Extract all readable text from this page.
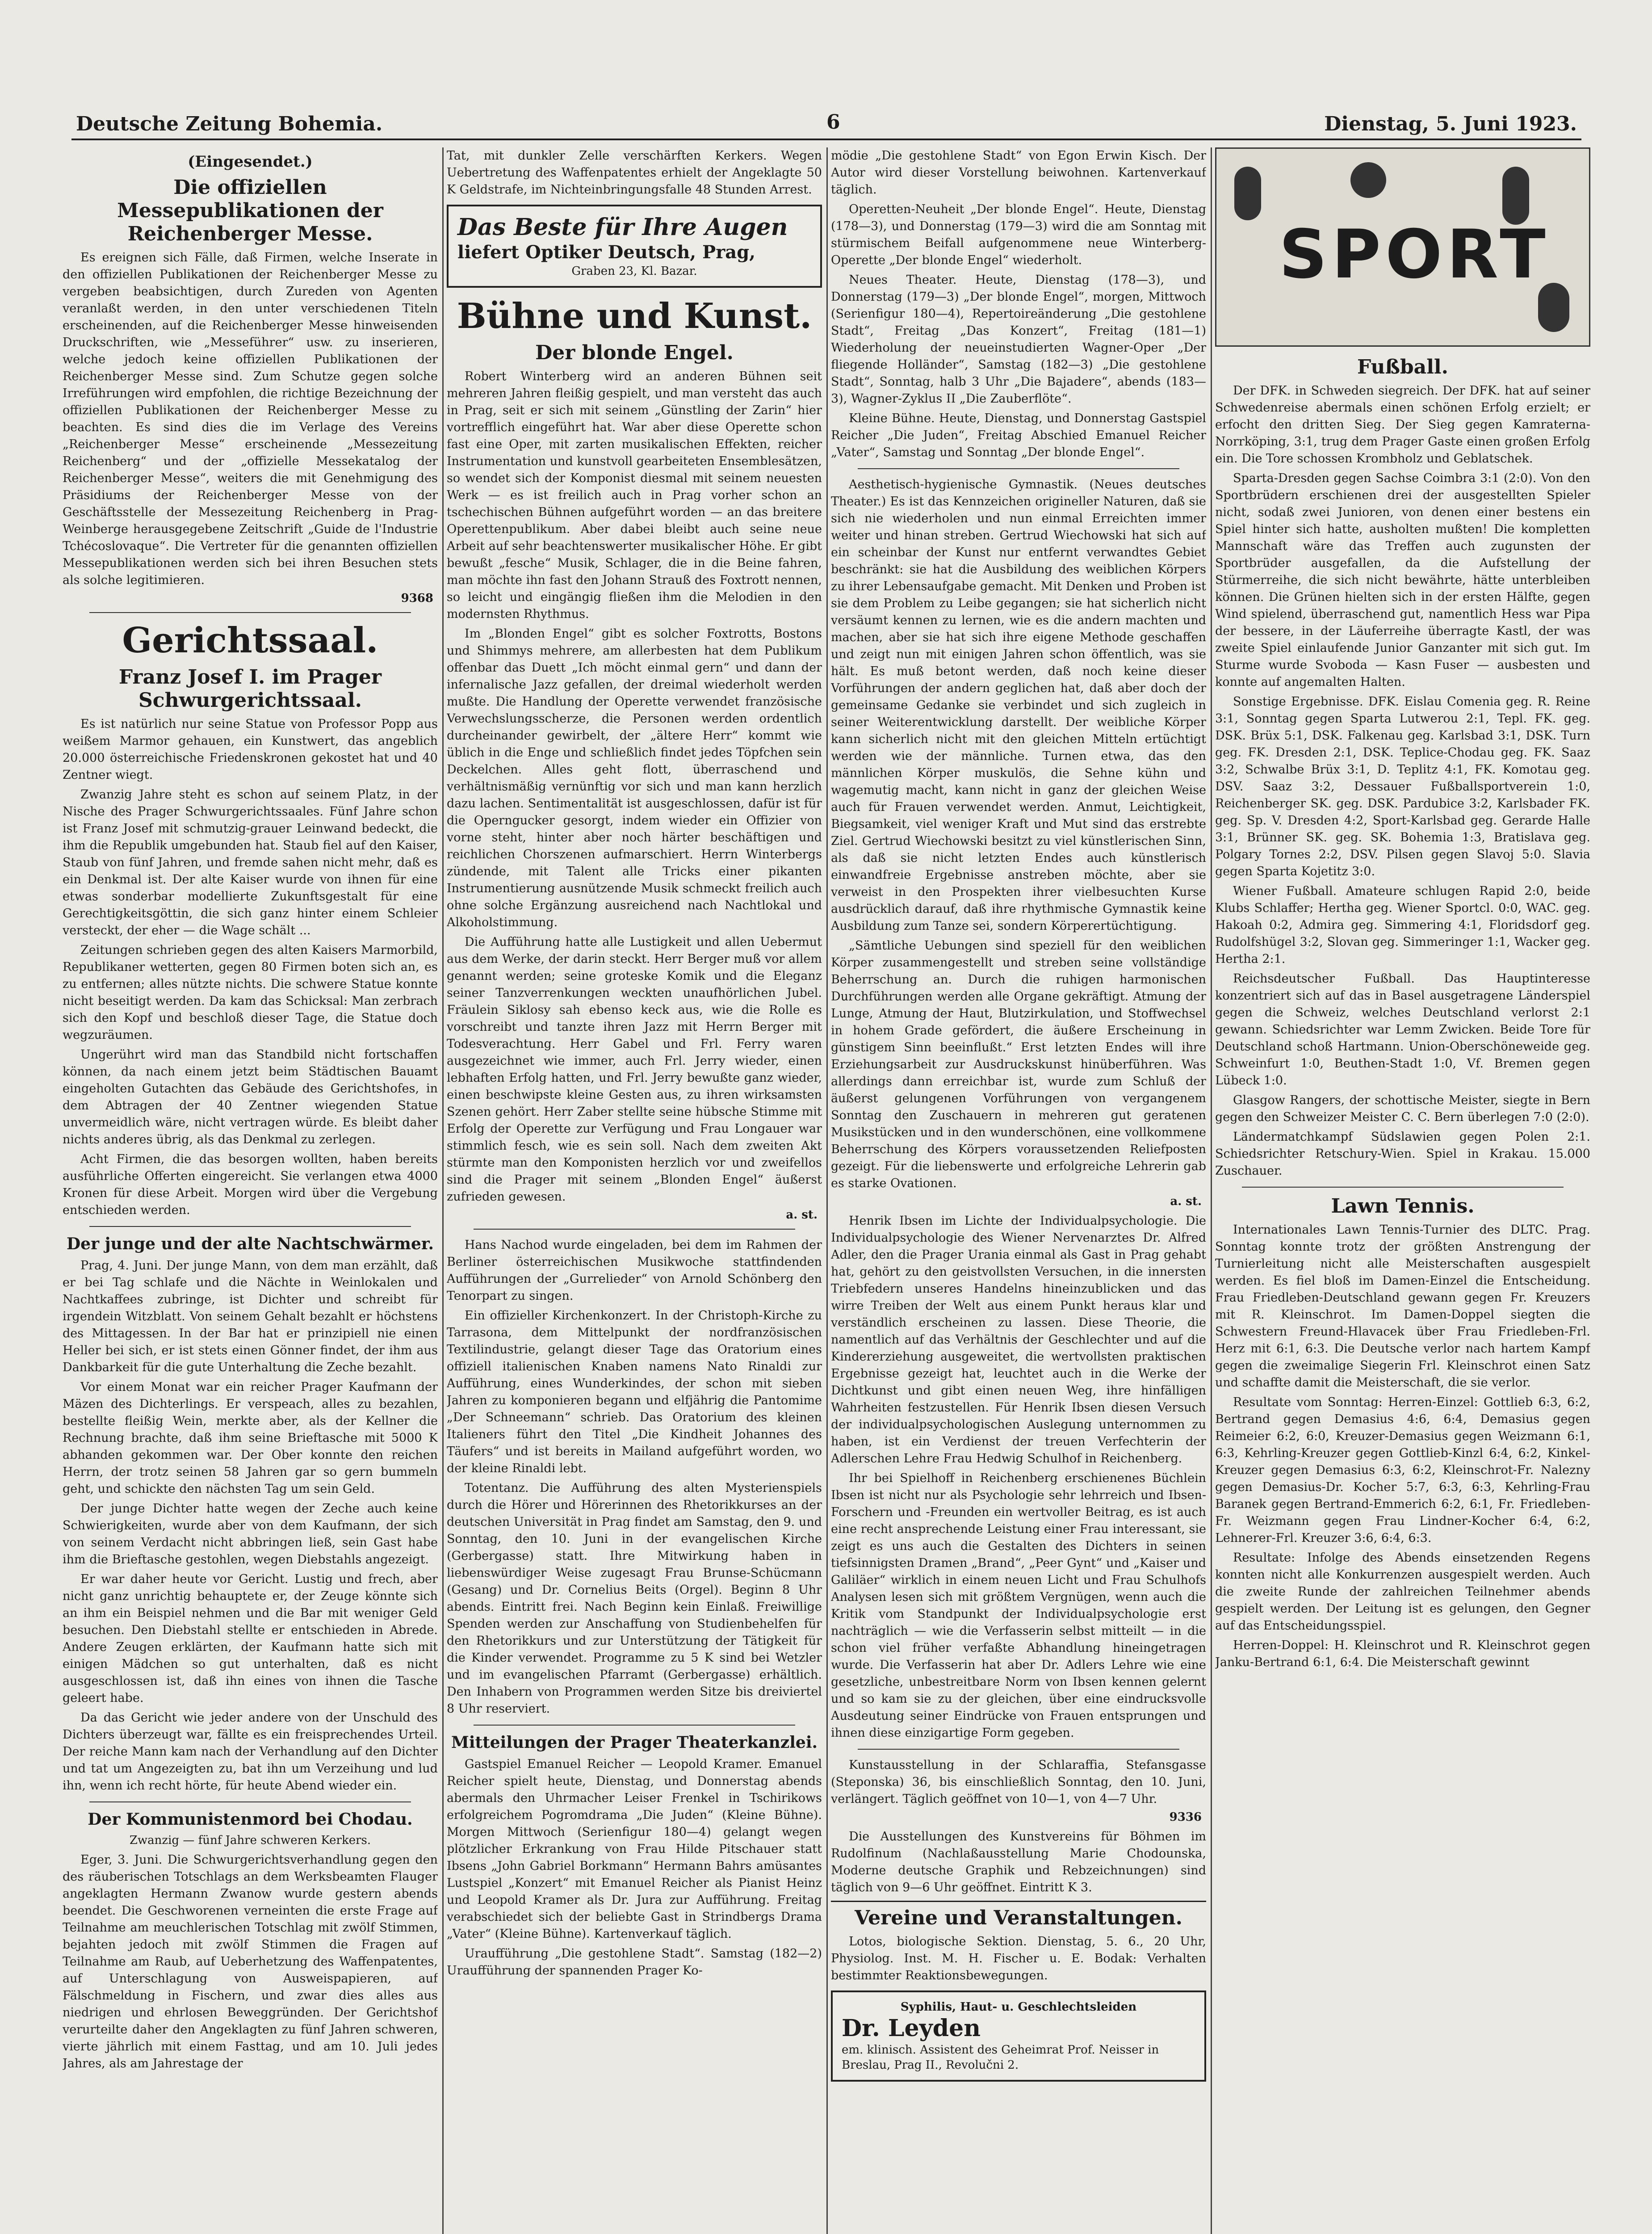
Deutsche Zeitung Bohemia.	6	Dienstag, 5. Juni 1923.
(Eingesendet.)
Die offiziellen Messepublikationen der Reichenberger Messe.

Es ereignen sich Fälle, daß Firmen, welche Inserate in den offiziellen Publikationen der Reichenberger Messe zu vergeben beabsichtigen, durch Zureden von Agenten veranlaßt werden, in den unter verschiedenen Titeln erscheinenden, auf die Reichenberger Messe hinweisenden Druckschriften, wie „Messeführer“ usw. zu inserieren, welche jedoch keine offiziellen Publikationen der Reichenberger Messe sind. Zum Schutze gegen solche Irreführungen wird empfohlen, die richtige Bezeichnung der offiziellen Publikationen der Reichenberger Messe zu beachten. Es sind dies die im Verlage des Vereins „Reichenberger Messe“ erscheinende „Messezeitung Reichenberg“ und der „offizielle Messekatalog der Reichenberger Messe“, weiters die mit Genehmigung des Präsidiums der Reichenberger Messe von der Geschäftsstelle der Messezeitung Reichenberg in Prag-Weinberge herausgegebene Zeitschrift „Guide de l'Industrie Tchécoslovaque“. Die Vertreter für die genannten offiziellen Messepublikationen werden sich bei ihren Besuchen stets als solche legitimieren.

9368
Gerichtssaal.
Franz Josef I. im Prager Schwurgerichtssaal.

Es ist natürlich nur seine Statue von Professor Popp aus weißem Marmor gehauen, ein Kunstwert, das angeblich 20.000 österreichische Friedenskronen gekostet hat und 40 Zentner wiegt.

Zwanzig Jahre steht es schon auf seinem Platz, in der Nische des Prager Schwurgerichtssaales. Fünf Jahre schon ist Franz Josef mit schmutzig-grauer Leinwand bedeckt, die ihm die Republik umgebunden hat. Staub fiel auf den Kaiser, Staub von fünf Jahren, und fremde sahen nicht mehr, daß es ein Denkmal ist. Der alte Kaiser wurde von ihnen für eine etwas sonderbar modellierte Zukunftsgestalt für eine Gerechtigkeitsgöttin, die sich ganz hinter einem Schleier versteckt, der eher — die Wage schält ...

Zeitungen schrieben gegen des alten Kaisers Marmorbild, Republikaner wetterten, gegen 80 Firmen boten sich an, es zu entfernen; alles nützte nichts. Die schwere Statue konnte nicht beseitigt werden. Da kam das Schicksal: Man zerbrach sich den Kopf und beschloß dieser Tage, die Statue doch wegzuräumen.

Ungerührt wird man das Standbild nicht fortschaffen können, da nach einem jetzt beim Städtischen Bauamt eingeholten Gutachten das Gebäude des Gerichtshofes, in dem Abtragen der 40 Zentner wiegenden Statue unvermeidlich wäre, nicht vertragen würde. Es bleibt daher nichts anderes übrig, als das Denkmal zu zerlegen.

Acht Firmen, die das besorgen wollten, haben bereits ausführliche Offerten eingereicht. Sie verlangen etwa 4000 Kronen für diese Arbeit. Morgen wird über die Vergebung entschieden werden.

Der junge und der alte Nachtschwärmer.

Prag, 4. Juni. Der junge Mann, von dem man erzählt, daß er bei Tag schlafe und die Nächte in Weinlokalen und Nachtkaffees zubringe, ist Dichter und schreibt für irgendein Witzblatt. Von seinem Gehalt bezahlt er höchstens des Mittagessen. In der Bar hat er prinzipiell nie einen Heller bei sich, er ist stets einen Gönner findet, der ihm aus Dankbarkeit für die gute Unterhaltung die Zeche bezahlt.

Vor einem Monat war ein reicher Prager Kaufmann der Mäzen des Dichterlings. Er verspeach, alles zu bezahlen, bestellte fleißig Wein, merkte aber, als der Kellner die Rechnung brachte, daß ihm seine Brieftasche mit 5000 K abhanden gekommen war. Der Ober konnte den reichen Herrn, der trotz seinen 58 Jahren gar so gern bummeln geht, und schickte den nächsten Tag um sein Geld.

Der junge Dichter hatte wegen der Zeche auch keine Schwierigkeiten, wurde aber von dem Kaufmann, der sich von seinem Verdacht nicht abbringen ließ, sein Gast habe ihm die Brieftasche gestohlen, wegen Diebstahls angezeigt.

Er war daher heute vor Gericht. Lustig und frech, aber nicht ganz unrichtig behauptete er, der Zeuge könnte sich an ihm ein Beispiel nehmen und die Bar mit weniger Geld besuchen. Den Diebstahl stellte er entschieden in Abrede. Andere Zeugen erklärten, der Kaufmann hatte sich mit einigen Mädchen so gut unterhalten, daß es nicht ausgeschlossen ist, daß ihn eines von ihnen die Tasche geleert habe.

Da das Gericht wie jeder andere von der Unschuld des Dichters überzeugt war, fällte es ein freisprechendes Urteil. Der reiche Mann kam nach der Verhandlung auf den Dichter und tat um Angezeigten zu, bat ihn um Verzeihung und lud ihn, wenn ich recht hörte, für heute Abend wieder ein.

Der Kommunistenmord bei Chodau.
Zwanzig — fünf Jahre schweren Kerkers.

Eger, 3. Juni. Die Schwurgerichtsverhandlung gegen den des räuberischen Totschlags an dem Werksbeamten Flauger angeklagten Hermann Zwanow wurde gestern abends beendet. Die Geschworenen verneinten die erste Frage auf Teilnahme am meuchlerischen Totschlag mit zwölf Stimmen, bejahten jedoch mit zwölf Stimmen die Fragen auf Teilnahme am Raub, auf Ueberhetzung des Waffenpatentes, auf Unterschlagung von Ausweispapieren, auf Fälschmeldung in Fischern, und zwar dies alles aus niedrigen und ehrlosen Beweggründen. Der Gerichtshof verurteilte daher den Angeklagten zu fünf Jahren schweren, vierte jährlich mit einem Fasttag, und am 10. Juli jedes Jahres, als am Jahrestage der

Tat, mit dunkler Zelle verschärften Kerkers. Wegen Uebertretung des Waffenpatentes erhielt der Angeklagte 50 K Geldstrafe, im Nichteinbringungsfalle 48 Stunden Arrest.

Das Beste für Ihre Augen
liefert Optiker Deutsch, Prag,
Graben 23, Kl. Bazar.
Bühne und Kunst.
Der blonde Engel.

Robert Winterberg wird an anderen Bühnen seit mehreren Jahren fleißig gespielt, und man versteht das auch in Prag, seit er sich mit seinem „Günstling der Zarin“ hier vortrefflich eingeführt hat. War aber diese Operette schon fast eine Oper, mit zarten musikalischen Effekten, reicher Instrumentation und kunstvoll gearbeiteten Ensemblesätzen, so wendet sich der Komponist diesmal mit seinem neuesten Werk — es ist freilich auch in Prag vorher schon an tschechischen Bühnen aufgeführt worden — an das breitere Operettenpublikum. Aber dabei bleibt auch seine neue Arbeit auf sehr beachtenswerter musikalischer Höhe. Er gibt bewußt „fesche“ Musik, Schlager, die in die Beine fahren, man möchte ihn fast den Johann Strauß des Foxtrott nennen, so leicht und eingängig fließen ihm die Melodien in den modernsten Rhythmus.

Im „Blonden Engel“ gibt es solcher Foxtrotts, Bostons und Shimmys mehrere, am allerbesten hat dem Publikum offenbar das Duett „Ich möcht einmal gern“ und dann der infernalische Jazz gefallen, der dreimal wiederholt werden mußte. Die Handlung der Operette verwendet französische Verwechslungsscherze, die Personen werden ordentlich durcheinander gewirbelt, der „ältere Herr“ kommt wie üblich in die Enge und schließlich findet jedes Töpfchen sein Deckelchen. Alles geht flott, überraschend und verhältnismäßig vernünftig vor sich und man kann herzlich dazu lachen. Sentimentalität ist ausgeschlossen, dafür ist für die Operngucker gesorgt, indem wieder ein Offizier von vorne steht, hinter aber noch härter beschäftigen und reichlichen Chorszenen aufmarschiert. Herrn Winterbergs zündende, mit Talent alle Tricks einer pikanten Instrumentierung ausnützende Musik schmeckt freilich auch ohne solche Ergänzung ausreichend nach Nachtlokal und Alkoholstimmung.

Die Aufführung hatte alle Lustigkeit und allen Uebermut aus dem Werke, der darin steckt. Herr Berger muß vor allem genannt werden; seine groteske Komik und die Eleganz seiner Tanzverrenkungen weckten unaufhörlichen Jubel. Fräulein Siklosy sah ebenso keck aus, wie die Rolle es vorschreibt und tanzte ihren Jazz mit Herrn Berger mit Todesverachtung. Herr Gabel und Frl. Ferry waren ausgezeichnet wie immer, auch Frl. Jerry wieder, einen lebhaften Erfolg hatten, und Frl. Jerry bewußte ganz wieder, einen beschwipste kleine Gesten aus, zu ihren wirksamsten Szenen gehört. Herr Zaber stellte seine hübsche Stimme mit Erfolg der Operette zur Verfügung und Frau Longauer war stimmlich fesch, wie es sein soll. Nach dem zweiten Akt stürmte man den Komponisten herzlich vor und zweifellos sind die Prager mit seinem „Blonden Engel“ äußerst zufrieden gewesen.

a. st.

Hans Nachod wurde eingeladen, bei dem im Rahmen der Berliner österreichischen Musikwoche stattfindenden Aufführungen der „Gurrelieder“ von Arnold Schönberg den Tenorpart zu singen.

Ein offizieller Kirchenkonzert. In der Christoph-Kirche zu Tarrasona, dem Mittelpunkt der nordfranzösischen Textilindustrie, gelangt dieser Tage das Oratorium eines offiziell italienischen Knaben namens Nato Rinaldi zur Aufführung, eines Wunderkindes, der schon mit sieben Jahren zu komponieren begann und elfjährig die Pantomime „Der Schneemann“ schrieb. Das Oratorium des kleinen Italieners führt den Titel „Die Kindheit Johannes des Täufers“ und ist bereits in Mailand aufgeführt worden, wo der kleine Rinaldi lebt.

Totentanz. Die Aufführung des alten Mysterienspiels durch die Hörer und Hörerinnen des Rhetorikkurses an der deutschen Universität in Prag findet am Samstag, den 9. und Sonntag, den 10. Juni in der evangelischen Kirche (Gerbergasse) statt. Ihre Mitwirkung haben in liebenswürdiger Weise zugesagt Frau Brunse-Schücmann (Gesang) und Dr. Cornelius Beits (Orgel). Beginn 8 Uhr abends. Eintritt frei. Nach Beginn kein Einlaß. Freiwillige Spenden werden zur Anschaffung von Studienbehelfen für den Rhetorikkurs und zur Unterstützung der Tätigkeit für die Kinder verwendet. Programme zu 5 K sind bei Wetzler und im evangelischen Pfarramt (Gerbergasse) erhältlich. Den Inhabern von Programmen werden Sitze bis dreiviertel 8 Uhr reserviert.

Mitteilungen der Prager Theaterkanzlei.

Gastspiel Emanuel Reicher — Leopold Kramer. Emanuel Reicher spielt heute, Dienstag, und Donnerstag abends abermals den Uhrmacher Leiser Frenkel in Tschirikows erfolgreichem Pogromdrama „Die Juden“ (Kleine Bühne). Morgen Mittwoch (Serienfigur 180—4) gelangt wegen plötzlicher Erkrankung von Frau Hilde Pitschauer statt Ibsens „John Gabriel Borkmann“ Hermann Bahrs amüsantes Lustspiel „Konzert“ mit Emanuel Reicher als Pianist Heinz und Leopold Kramer als Dr. Jura zur Aufführung. Freitag verabschiedet sich der beliebte Gast in Strindbergs Drama „Vater“ (Kleine Bühne). Kartenverkauf täglich.

Uraufführung „Die gestohlene Stadt“. Samstag (182—2) Uraufführung der spannenden Prager Ko-

mödie „Die gestohlene Stadt“ von Egon Erwin Kisch. Der Autor wird dieser Vorstellung beiwohnen. Kartenverkauf täglich.

Operetten-Neuheit „Der blonde Engel“. Heute, Dienstag (178—3), und Donnerstag (179—3) wird die am Sonntag mit stürmischem Beifall aufgenommene neue Winterberg-Operette „Der blonde Engel“ wiederholt.

Neues Theater. Heute, Dienstag (178—3), und Donnerstag (179—3) „Der blonde Engel“, morgen, Mittwoch (Serienfigur 180—4), Repertoireänderung „Die gestohlene Stadt“, Freitag „Das Konzert“, Freitag (181—1) Wiederholung der neueinstudierten Wagner-Oper „Der fliegende Holländer“, Samstag (182—3) „Die gestohlene Stadt“, Sonntag, halb 3 Uhr „Die Bajadere“, abends (183—3), Wagner-Zyklus II „Die Zauberflöte“.

Kleine Bühne. Heute, Dienstag, und Donnerstag Gastspiel Reicher „Die Juden“, Freitag Abschied Emanuel Reicher „Vater“, Samstag und Sonntag „Der blonde Engel“.

Aesthetisch-hygienische Gymnastik. (Neues deutsches Theater.) Es ist das Kennzeichen origineller Naturen, daß sie sich nie wiederholen und nun einmal Erreichten immer weiter und hinan streben. Gertrud Wiechowski hat sich auf ein scheinbar der Kunst nur entfernt verwandtes Gebiet beschränkt: sie hat die Ausbildung des weiblichen Körpers zu ihrer Lebensaufgabe gemacht. Mit Denken und Proben ist sie dem Problem zu Leibe gegangen; sie hat sicherlich nicht versäumt kennen zu lernen, wie es die andern machten und machen, aber sie hat sich ihre eigene Methode geschaffen und zeigt nun mit einigen Jahren schon öffentlich, was sie hält. Es muß betont werden, daß noch keine dieser Vorführungen der andern geglichen hat, daß aber doch der gemeinsame Gedanke sie verbindet und sich zugleich in seiner Weiterentwicklung darstellt. Der weibliche Körper kann sicherlich nicht mit den gleichen Mitteln ertüchtigt werden wie der männliche. Turnen etwa, das den männlichen Körper muskulös, die Sehne kühn und wagemutig macht, kann nicht in ganz der gleichen Weise auch für Frauen verwendet werden. Anmut, Leichtigkeit, Biegsamkeit, viel weniger Kraft und Mut sind das erstrebte Ziel. Gertrud Wiechowski besitzt zu viel künstlerischen Sinn, als daß sie nicht letzten Endes auch künstlerisch einwandfreie Ergebnisse anstreben möchte, aber sie verweist in den Prospekten ihrer vielbesuchten Kurse ausdrücklich darauf, daß ihre rhythmische Gymnastik keine Ausbildung zum Tanze sei, sondern Körperertüchtigung.

„Sämtliche Uebungen sind speziell für den weiblichen Körper zusammengestellt und streben seine vollständige Beherrschung an. Durch die ruhigen harmonischen Durchführungen werden alle Organe gekräftigt. Atmung der Lunge, Atmung der Haut, Blutzirkulation, und Stoffwechsel in hohem Grade gefördert, die äußere Erscheinung in günstigem Sinn beeinflußt.“ Erst letzten Endes will ihre Erziehungsarbeit zur Ausdruckskunst hinüberführen. Was allerdings dann erreichbar ist, wurde zum Schluß der äußerst gelungenen Vorführungen von vergangenem Sonntag den Zuschauern in mehreren gut geratenen Musikstücken und in den wunderschönen, eine vollkommene Beherrschung des Körpers voraussetzenden Reliefposten gezeigt. Für die liebenswerte und erfolgreiche Lehrerin gab es starke Ovationen.

a. st.

Henrik Ibsen im Lichte der Individualpsychologie. Die Individualpsychologie des Wiener Nervenarztes Dr. Alfred Adler, den die Prager Urania einmal als Gast in Prag gehabt hat, gehört zu den geistvollsten Versuchen, in die innersten Triebfedern unseres Handelns hineinzublicken und das wirre Treiben der Welt aus einem Punkt heraus klar und verständlich erscheinen zu lassen. Diese Theorie, die namentlich auf das Verhältnis der Geschlechter und auf die Kindererziehung ausgeweitet, die wertvollsten praktischen Ergebnisse gezeigt hat, leuchtet auch in die Werke der Dichtkunst und gibt einen neuen Weg, ihre hinfälligen Wahrheiten festzustellen. Für Henrik Ibsen diesen Versuch der individualpsychologischen Auslegung unternommen zu haben, ist ein Verdienst der treuen Verfechterin der Adlerschen Lehre Frau Hedwig Schulhof in Reichenberg.

Ihr bei Spielhoff in Reichenberg erschienenes Büchlein Ibsen ist nicht nur als Psychologie sehr lehrreich und Ibsen-Forschern und -Freunden ein wertvoller Beitrag, es ist auch eine recht ansprechende Leistung einer Frau interessant, sie zeigt es uns auch die Gestalten des Dichters in seinen tiefsinnigsten Dramen „Brand“, „Peer Gynt“ und „Kaiser und Galiläer“ wirklich in einem neuen Licht und Frau Schulhofs Analysen lesen sich mit größtem Vergnügen, wenn auch die Kritik vom Standpunkt der Individualpsychologie erst nachträglich — wie die Verfasserin selbst mitteilt — in die schon viel früher verfaßte Abhandlung hineingetragen wurde. Die Verfasserin hat aber Dr. Adlers Lehre wie eine gesetzliche, unbestreitbare Norm von Ibsen kennen gelernt und so kam sie zu der gleichen, über eine eindrucksvolle Ausdeutung seiner Eindrücke von Frauen entsprungen und ihnen diese einzigartige Form gegeben.

Kunstausstellung in der Schlaraffia, Stefansgasse (Steponska) 36, bis einschließlich Sonntag, den 10. Juni, verlängert. Täglich geöffnet von 10—1, von 4—7 Uhr.

9336

Die Ausstellungen des Kunstvereins für Böhmen im Rudolfinum (Nachlaßausstellung Marie Chodounska, Moderne deutsche Graphik und Rebzeichnungen) sind täglich von 9—6 Uhr geöffnet. Eintritt K 3.

Vereine und Veranstaltungen.

Lotos, biologische Sektion. Dienstag, 5. 6., 20 Uhr, Physiolog. Inst. M. H. Fischer u. E. Bodak: Verhalten bestimmter Reaktionsbewegungen.

Syphilis, Haut- u. Geschlechtsleiden
Dr. Leyden
em. klinisch. Assistent des Geheimrat Prof. Neisser in Breslau, Prag II., Revolučni 2.
SPORT
Fußball.

Der DFK. in Schweden siegreich. Der DFK. hat auf seiner Schwedenreise abermals einen schönen Erfolg erzielt; er erfocht den dritten Sieg. Der Sieg gegen Kamraterna-Norrköping, 3:1, trug dem Prager Gaste einen großen Erfolg ein. Die Tore schossen Krombholz und Geblatschek.

Sparta-Dresden gegen Sachse Coimbra 3:1 (2:0). Von den Sportbrüdern erschienen drei der ausgestellten Spieler nicht, sodaß zwei Junioren, von denen einer bestens ein Spiel hinter sich hatte, ausholten mußten! Die kompletten Mannschaft wäre das Treffen auch zugunsten der Sportbrüder ausgefallen, da die Aufstellung der Stürmerreihe, die sich nicht bewährte, hätte unterbleiben können. Die Grünen hielten sich in der ersten Hälfte, gegen Wind spielend, überraschend gut, namentlich Hess war Pipa der bessere, in der Läuferreihe überragte Kastl, der was zweite Spiel einlaufende Junior Ganzanter mit sich gut. Im Sturme wurde Svoboda — Kasn Fuser — ausbesten und konnte auf angemalten Halten.

Sonstige Ergebnisse. DFK. Eislau Comenia geg. R. Reine 3:1, Sonntag gegen Sparta Lutwerou 2:1, Tepl. FK. geg. DSK. Brüx 5:1, DSK. Falkenau geg. Karlsbad 3:1, DSK. Turn geg. FK. Dresden 2:1, DSK. Teplice-Chodau geg. FK. Saaz 3:2, Schwalbe Brüx 3:1, D. Teplitz 4:1, FK. Komotau geg. DSV. Saaz 3:2, Dessauer Fußballsportverein 1:0, Reichenberger SK. geg. DSK. Pardubice 3:2, Karlsbader FK. geg. Sp. V. Dresden 4:2, Sport-Karlsbad geg. Gerarde Halle 3:1, Brünner SK. geg. SK. Bohemia 1:3, Bratislava geg. Polgary Tornes 2:2, DSV. Pilsen gegen Slavoj 5:0. Slavia gegen Sparta Kojetitz 3:0.

Wiener Fußball. Amateure schlugen Rapid 2:0, beide Klubs Schlaffer; Hertha geg. Wiener Sportcl. 0:0, WAC. geg. Hakoah 0:2, Admira geg. Simmering 4:1, Floridsdorf geg. Rudolfshügel 3:2, Slovan geg. Simmeringer 1:1, Wacker geg. Hertha 2:1.

Reichsdeutscher Fußball. Das Hauptinteresse konzentriert sich auf das in Basel ausgetragene Länderspiel gegen die Schweiz, welches Deutschland verlorst 2:1 gewann. Schiedsrichter war Lemm Zwicken. Beide Tore für Deutschland schoß Hartmann. Union-Oberschöneweide geg. Schweinfurt 1:0, Beuthen-Stadt 1:0, Vf. Bremen gegen Lübeck 1:0.

Glasgow Rangers, der schottische Meister, siegte in Bern gegen den Schweizer Meister C. C. Bern überlegen 7:0 (2:0).

Ländermatchkampf Südslawien gegen Polen 2:1. Schiedsrichter Retschury-Wien. Spiel in Krakau. 15.000 Zuschauer.

Lawn Tennis.

Internationales Lawn Tennis-Turnier des DLTC. Prag. Sonntag konnte trotz der größten Anstrengung der Turnierleitung nicht alle Meisterschaften ausgespielt werden. Es fiel bloß im Damen-Einzel die Entscheidung. Frau Friedleben-Deutschland gewann gegen Fr. Kreuzers mit R. Kleinschrot. Im Damen-Doppel siegten die Schwestern Freund-Hlavacek über Frau Friedleben-Frl. Herz mit 6:1, 6:3. Die Deutsche verlor nach hartem Kampf gegen die zweimalige Siegerin Frl. Kleinschrot einen Satz und schaffte damit die Meisterschaft, die sie verlor.

Resultate vom Sonntag: Herren-Einzel: Gottlieb 6:3, 6:2, Bertrand gegen Demasius 4:6, 6:4, Demasius gegen Reimeier 6:2, 6:0, Kreuzer-Demasius gegen Weizmann 6:1, 6:3, Kehrling-Kreuzer gegen Gottlieb-Kinzl 6:4, 6:2, Kinkel-Kreuzer gegen Demasius 6:3, 6:2, Kleinschrot-Fr. Nalezny gegen Demasius-Dr. Kocher 5:7, 6:3, 6:3, Kehrling-Frau Baranek gegen Bertrand-Emmerich 6:2, 6:1, Fr. Friedleben-Fr. Weizmann gegen Frau Lindner-Kocher 6:4, 6:2, Lehnerer-Frl. Kreuzer 3:6, 6:4, 6:3.

Resultate: Infolge des Abends einsetzenden Regens konnten nicht alle Konkurrenzen ausgespielt werden. Auch die zweite Runde der zahlreichen Teilnehmer abends gespielt werden. Der Leitung ist es gelungen, den Gegner auf das Entscheidungsspiel.

Herren-Doppel: H. Kleinschrot und R. Kleinschrot gegen Janku-Bertrand 6:1, 6:4. Die Meisterschaft gewinnt
